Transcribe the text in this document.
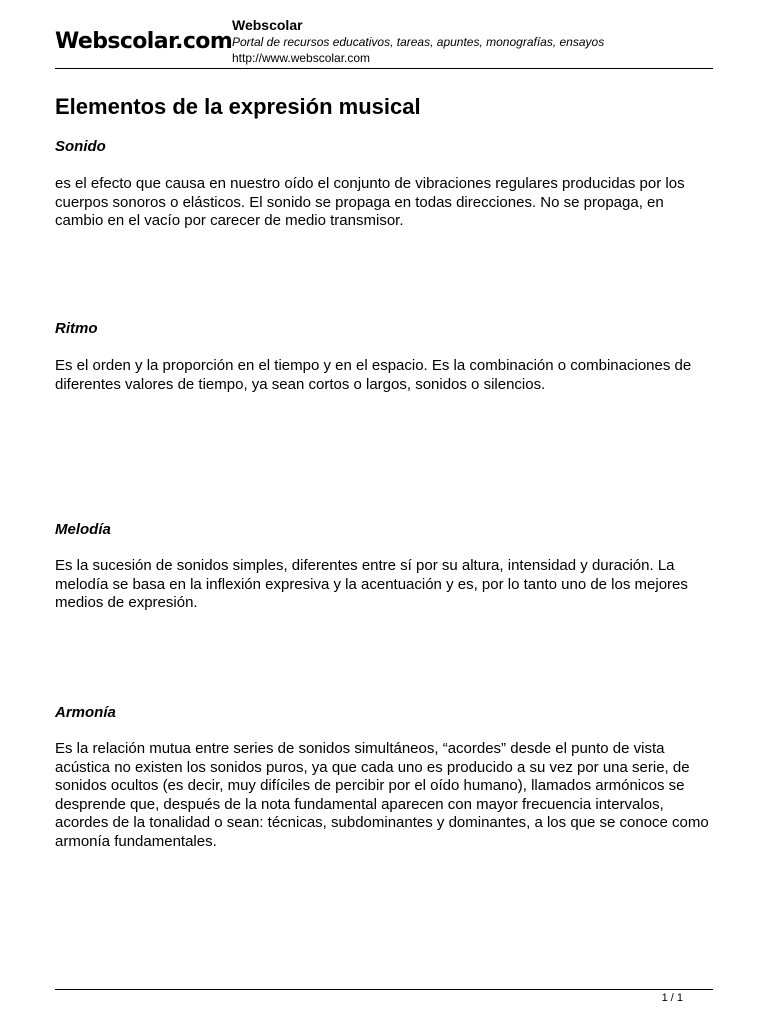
Webscolar.com
Webscolar
Portal de recursos educativos, tareas, apuntes, monografías, ensayos
http://www.webscolar.com
Elementos de la expresión musical
Sonido

es el efecto que causa en nuestro oído el conjunto de vibraciones regulares producidas por los cuerpos sonoros o elásticos. El sonido se propaga en todas direcciones. No se propaga, en cambio en el vacío por carecer de medio transmisor.

Ritmo

Es el orden y la proporción en el tiempo y en el espacio. Es la combinación o combinaciones de diferentes valores de tiempo, ya sean cortos o largos, sonidos o silencios.

Melodía

Es la sucesión de sonidos simples, diferentes entre sí por su altura, intensidad y duración. La melodía se basa en la inflexión expresiva y la acentuación y es, por lo tanto uno de los mejores medios de expresión.

Armonía

Es la relación mutua entre series de sonidos simultáneos, “acordes” desde el punto de vista acústica no existen los sonidos puros, ya que cada uno es producido a su vez por una serie, de sonidos ocultos (es decir, muy difíciles de percibir por el oído humano), llamados armónicos se desprende que, después de la nota fundamental aparecen con mayor frecuencia intervalos, acordes de la tonalidad o sean: técnicas, subdominantes y dominantes, a los que se conoce como armonía fundamentales.

1 / 1
